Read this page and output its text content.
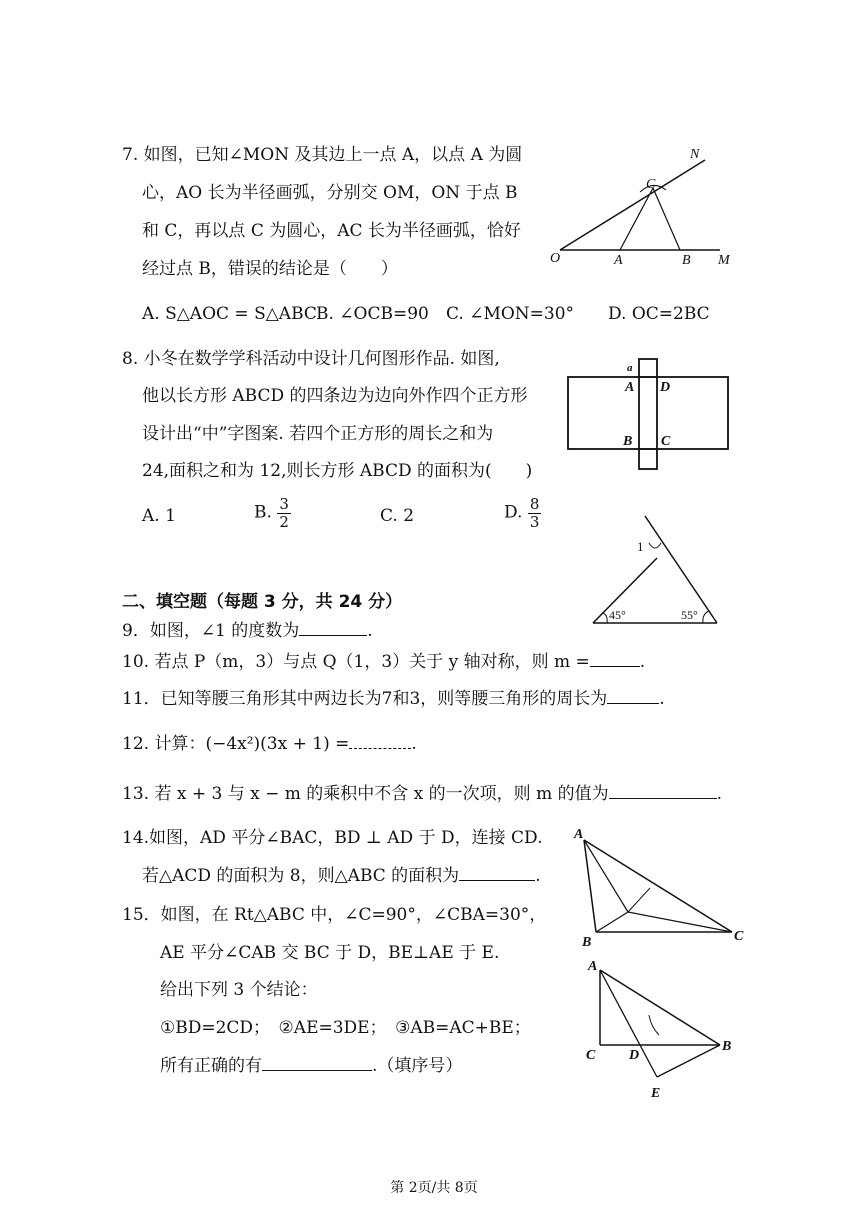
7. 如图，已知∠MON 及其边上一点 A，以点 A 为圆
心，AO 长为半径画弧，分别交 OM，ON 于点 B
和 C，再以点 C 为圆心，AC 长为半径画弧，恰好
经过点 B，错误的结论是（　　）
A. S△AOC = S△ABC B. ∠OCB=90 C. ∠MON=30° D. OC=2BC
N
C
O	A	B M
8. 小冬在数学学科活动中设计几何图形作品. 如图,
他以长方形 ABCD 的四条边为边向外作四个正方形
设计出“中”字图案. 若四个正方形的周长之和为
24,面积之和为 12,则长方形 ABCD 的面积为(　　)
A. 1	B. $\frac{3}{2}$	C. 2	D. $\frac{8}{3}$
a
A D
B C
二、填空题（每题 3 分，共 24 分）
1
45°	55°
9．如图，∠1 的度数为	.
10. 若点 P（m，3）与点 Q（1，3）关于 y 轴对称，则 m =	.
11．已知等腰三角形其中两边长为7和3，则等腰三角形的周长为	.
12. 计算：(−4x²)(3x + 1) =	.
13. 若 x + 3 与 x − m 的乘积中不含 x 的一次项，则 m 的值为	.
14.如图，AD 平分∠BAC，BD ⊥ AD 于 D，连接 CD.
若△ACD 的面积为 8，则△ABC 的面积为	.
A
B	C
15．如图，在 Rt△ABC 中，∠C=90°，∠CBA=30°，
AE 平分∠CAB 交 BC 于 D，BE⊥AE 于 E.
给出下列 3 个结论：
①BD=2CD；　②AE=3DE；　③AB=AC+BE；
所有正确的有	.（填序号）
A
C D
B
E
第 2页/共 8页
